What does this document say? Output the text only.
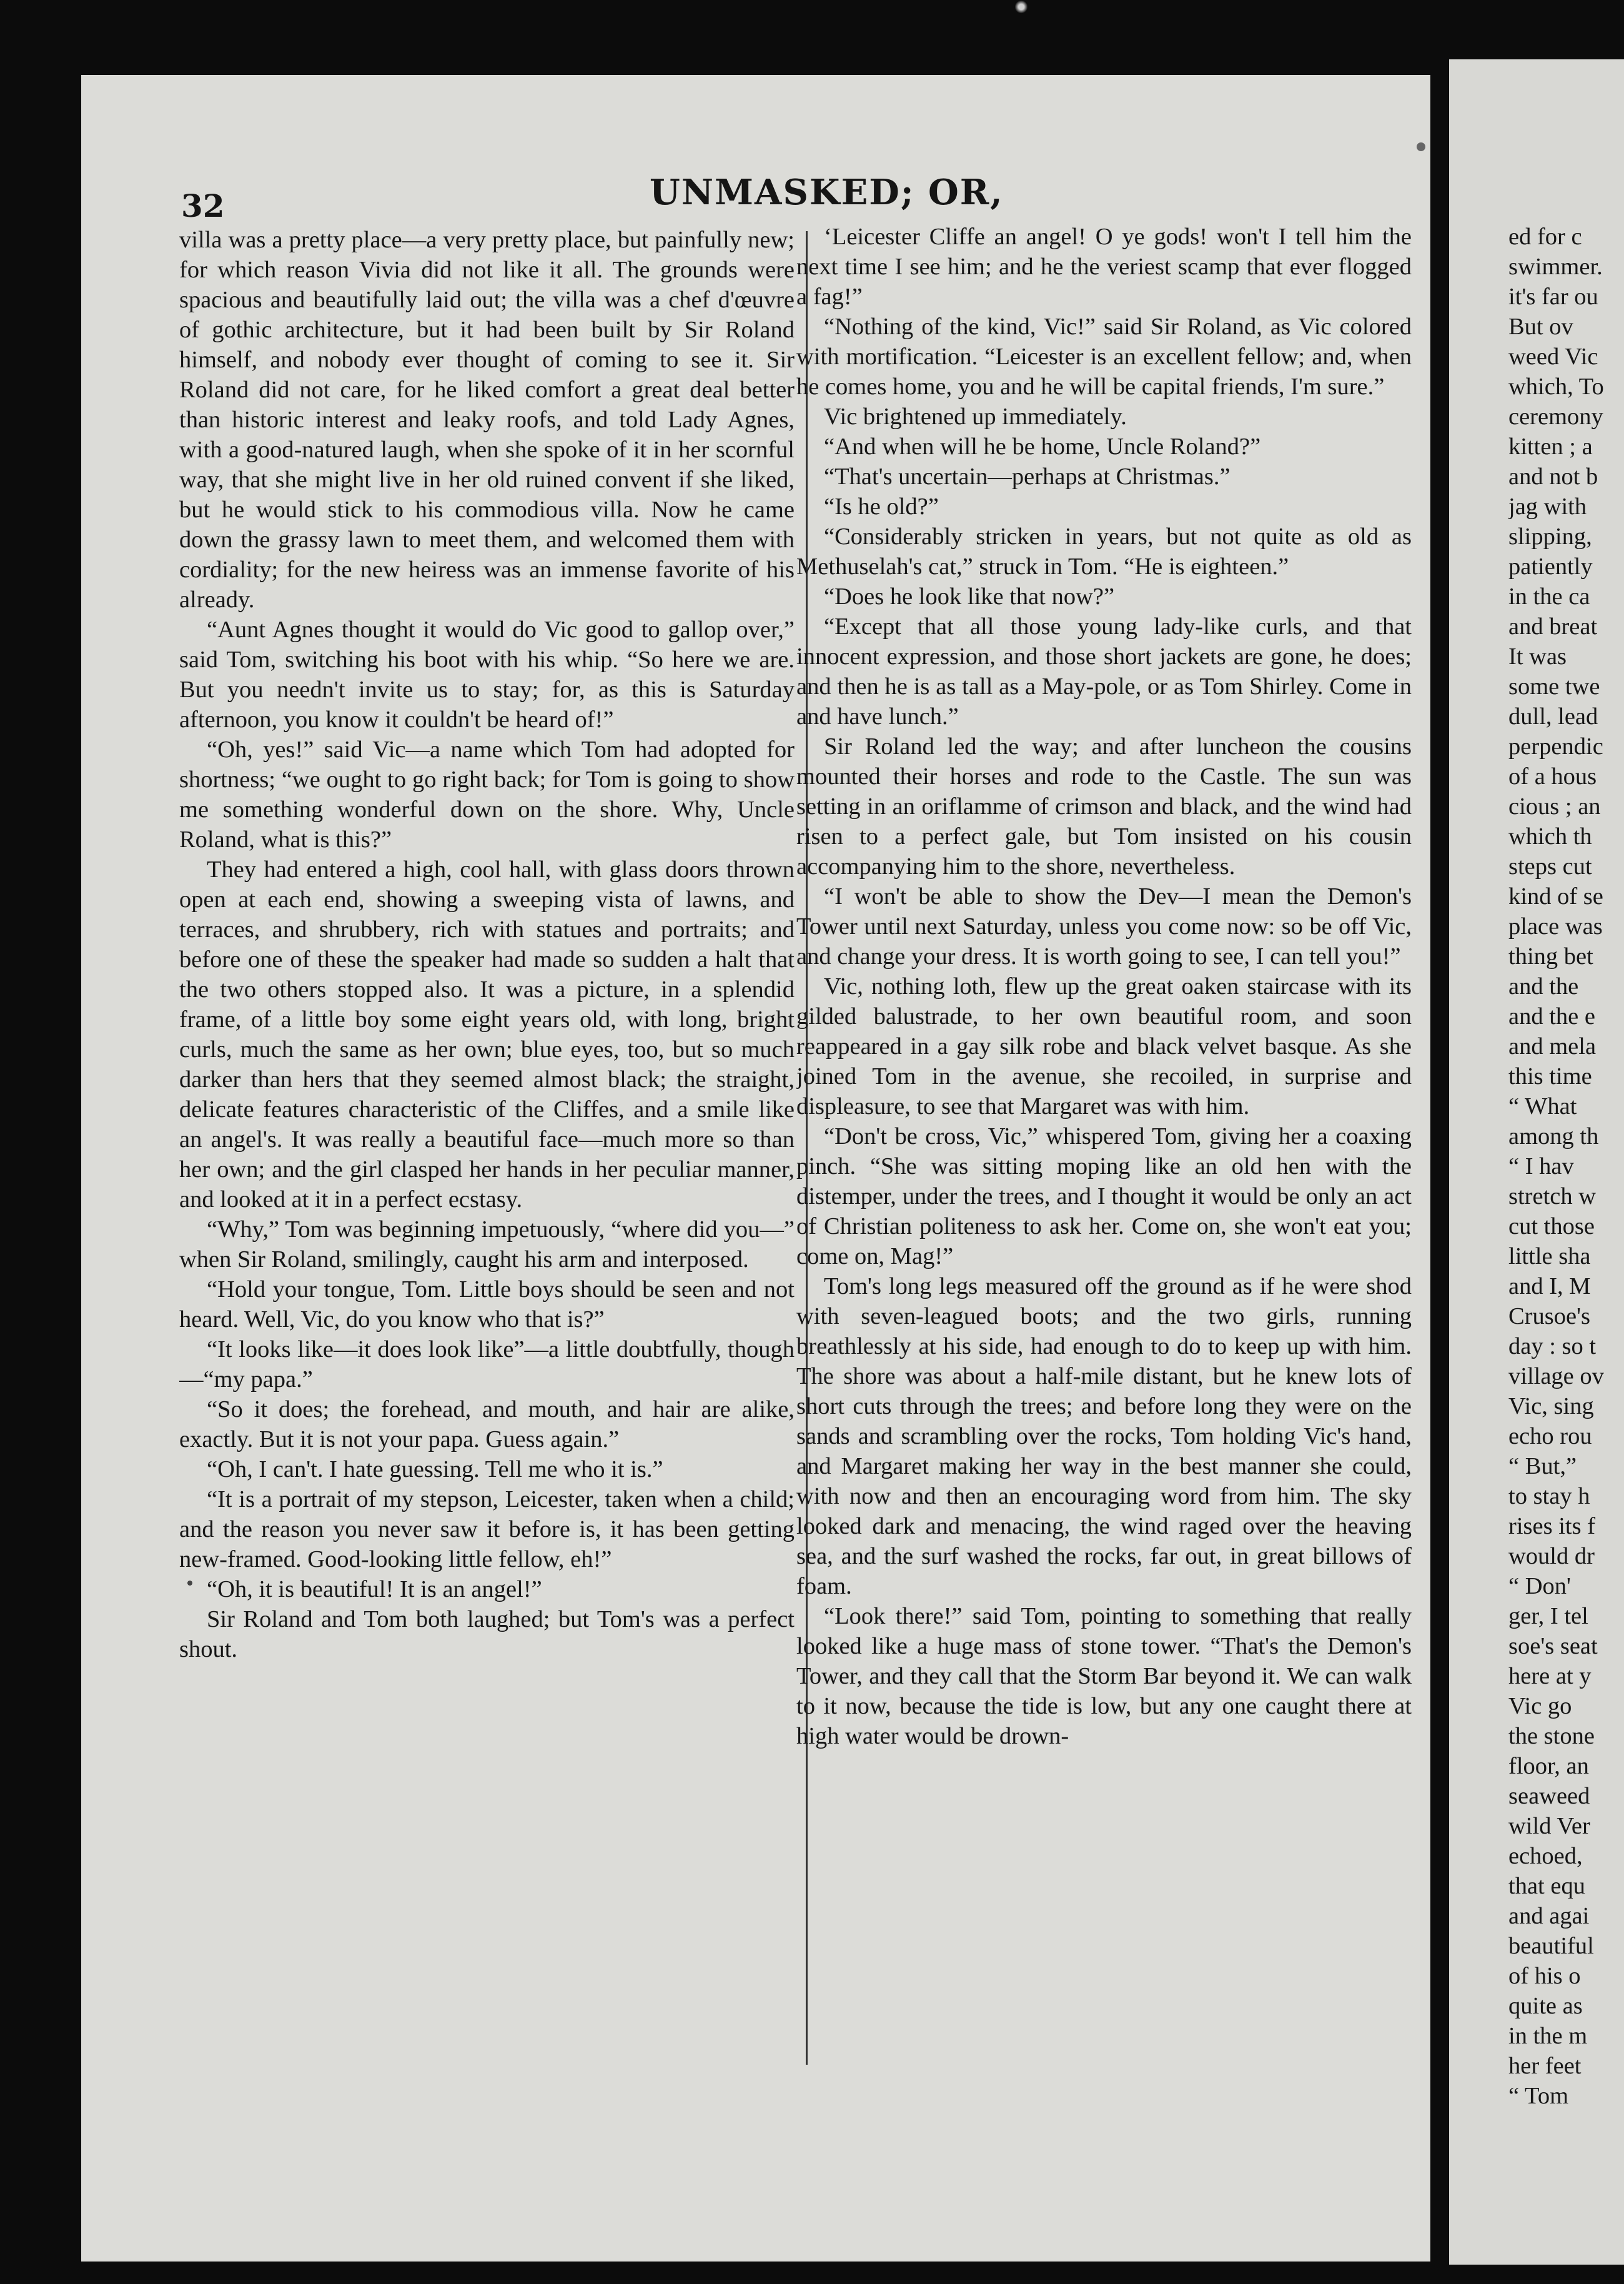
32	UNMASKED; OR,

villa was a pretty place—a very pretty place, but painfully new; for which reason Vivia did not like it all. The grounds were spacious and beautifully laid out; the villa was a chef d'œuvre of gothic architecture, but it had been built by Sir Roland himself, and nobody ever thought of coming to see it. Sir Roland did not care, for he liked comfort a great deal better than historic interest and leaky roofs, and told Lady Agnes, with a good-natured laugh, when she spoke of it in her scornful way, that she might live in her old ruined convent if she liked, but he would stick to his commodious villa. Now he came down the grassy lawn to meet them, and welcomed them with cordiality; for the new heiress was an immense favorite of his already.

“Aunt Agnes thought it would do Vic good to gallop over,” said Tom, switching his boot with his whip. “So here we are. But you needn't invite us to stay; for, as this is Saturday afternoon, you know it couldn't be heard of!”

“Oh, yes!” said Vic—a name which Tom had adopted for shortness; “we ought to go right back; for Tom is going to show me something wonderful down on the shore. Why, Uncle Roland, what is this?”

They had entered a high, cool hall, with glass doors thrown open at each end, showing a sweeping vista of lawns, and terraces, and shrubbery, rich with statues and portraits; and before one of these the speaker had made so sudden a halt that the two others stopped also. It was a picture, in a splendid frame, of a little boy some eight years old, with long, bright curls, much the same as her own; blue eyes, too, but so much darker than hers that they seemed almost black; the straight, delicate features characteristic of the Cliffes, and a smile like an angel's. It was really a beautiful face—much more so than her own; and the girl clasped her hands in her peculiar manner, and looked at it in a perfect ecstasy.

“Why,” Tom was beginning impetuously, “where did you—” when Sir Roland, smilingly, caught his arm and interposed.

“Hold your tongue, Tom. Little boys should be seen and not heard. Well, Vic, do you know who that is?”

“It looks like—it does look like”—a little doubtfully, though—“my papa.”

“So it does; the forehead, and mouth, and hair are alike, exactly. But it is not your papa. Guess again.”

“Oh, I can't. I hate guessing. Tell me who it is.”

“It is a portrait of my stepson, Leicester, taken when a child; and the reason you never saw it before is, it has been getting new-framed. Good-looking little fellow, eh!”

“Oh, it is beautiful! It is an angel!”

Sir Roland and Tom both laughed; but Tom's was a perfect shout.

‘Leicester Cliffe an angel! O ye gods! won't I tell him the next time I see him; and he the veriest scamp that ever flogged a fag!”

“Nothing of the kind, Vic!” said Sir Roland, as Vic colored with mortification. “Leicester is an excellent fellow; and, when he comes home, you and he will be capital friends, I'm sure.”

Vic brightened up immediately.

“And when will he be home, Uncle Roland?”

“That's uncertain—perhaps at Christmas.”

“Is he old?”

“Considerably stricken in years, but not quite as old as Methuselah's cat,” struck in Tom. “He is eighteen.”

“Does he look like that now?”

“Except that all those young lady-like curls, and that innocent expression, and those short jackets are gone, he does; and then he is as tall as a May-pole, or as Tom Shirley. Come in and have lunch.”

Sir Roland led the way; and after luncheon the cousins mounted their horses and rode to the Castle. The sun was setting in an oriflamme of crimson and black, and the wind had risen to a perfect gale, but Tom insisted on his cousin accompanying him to the shore, nevertheless.

“I won't be able to show the Dev—I mean the Demon's Tower until next Saturday, unless you come now: so be off Vic, and change your dress. It is worth going to see, I can tell you!”

Vic, nothing loth, flew up the great oaken staircase with its gilded balustrade, to her own beautiful room, and soon reappeared in a gay silk robe and black velvet basque. As she joined Tom in the avenue, she recoiled, in surprise and displeasure, to see that Margaret was with him.

“Don't be cross, Vic,” whispered Tom, giving her a coaxing pinch. “She was sitting moping like an old hen with the distemper, under the trees, and I thought it would be only an act of Christian politeness to ask her. Come on, she won't eat you; come on, Mag!”

Tom's long legs measured off the ground as if he were shod with seven-leagued boots; and the two girls, running breathlessly at his side, had enough to do to keep up with him. The shore was about a half-mile distant, but he knew lots of short cuts through the trees; and before long they were on the sands and scrambling over the rocks, Tom holding Vic's hand, and Margaret making her way in the best manner she could, with now and then an encouraging word from him. The sky looked dark and menacing, the wind raged over the heaving sea, and the surf washed the rocks, far out, in great billows of foam.

“Look there!” said Tom, pointing to something that really looked like a huge mass of stone tower. “That's the Demon's Tower, and they call that the Storm Bar beyond it. We can walk to it now, because the tide is low, but any one caught there at high water would be drown-

ed for c

swimmer.

it's far ou

But ov

weed Vic

which, To

ceremony

kitten ; a

and not b

jag with

slipping,

patiently

in the ca

and breat

It was

some twe

dull, lead

perpendic

of a hous

cious ; an

which th

steps cut

kind of se

place was

thing bet

and the

and the e

and mela

this time

“ What

among th

“ I hav

stretch w

cut those

little sha

and I, M

Crusoe's

day : so t

village ov

Vic, sing

echo rou

“ But,”

to stay h

rises its f

would dr

“ Don'

ger, I tel

soe's seat

here at y

Vic go

the stone

floor, an

seaweed

wild Ver

echoed,

that equ

and agai

beautiful

of his o

quite as

in the m

her feet

“ Tom
